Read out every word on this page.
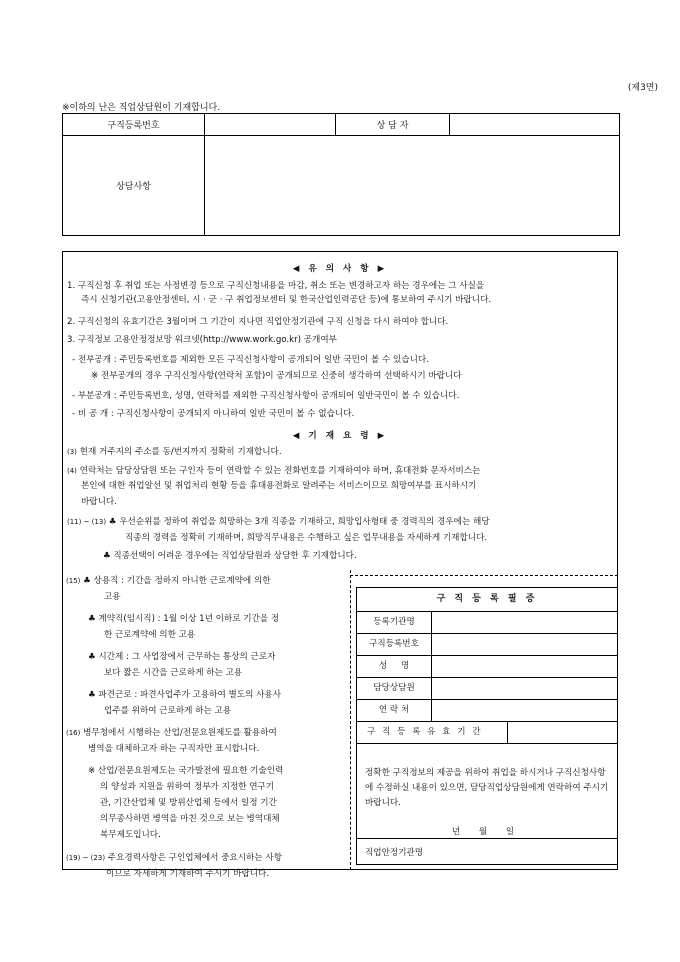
(제3면)
※이하의 난은 직업상담원이 기재합니다.
구직등록번호		상 담 자	
상담사항			
◀ 유 의 사 항 ▶
1. 구직신청 후 취업 또는 사정변경 등으로 구직신청내용을 마감, 취소 또는 변경하고자 하는 경우에는 그 사실을
즉시 신청기관(고용안정센터, 시 · 군 · 구 취업정보센터 및 한국산업인력공단 등)에 통보하여 주시기 바랍니다.
2. 구직신청의 유효기간은 3월이며 그 기간이 지나면 직업안정기관에 구직 신청을 다시 하여야 합니다.
3. 구직정보 고용안정정보망 워크넷(http://www.work.go.kr) 공개여부
- 전부공개 : 주민등록번호를 제외한 모든 구직신청사항이 공개되어 일반 국민이 볼 수 있습니다.
※ 전부공개의 경우 구직신청사항(연락처 포함)이 공개되므로 신중히 생각하여 선택하시기 바랍니다
- 부분공개 : 주민등록번호, 성명, 연락처를 제외한 구직신청사항이 공개되어 일반국민이 볼 수 있습니다.
- 비 공 개 : 구직신청사항이 공개되지 아니하여 일반 국민이 볼 수 없습니다.
◀ 기 재 요 령 ▶
(3) 현재 거주지의 주소를 동/번지까지 정확히 기재합니다.
(4) 연락처는 담당상담원 또는 구인자 등이 연락할 수 있는 전화번호를 기재하여야 하며, 휴대전화 문자서비스는
본인에 대한 취업알선 및 취업처리 현황 등을 휴대용전화로 알려주는 서비스이므로 희망여부를 표시하시기
바랍니다.
(11) ~ (13) ♣ 우선순위를 정하여 취업을 희망하는 3개 직종을 기재하고, 희망입사형태 중 경력직의 경우에는 해당
직종의 경력을 정확히 기재하며, 희망직무내용은 수행하고 싶은 업무내용을 자세하게 기재합니다.
♣ 직종선택이 어려운 경우에는 직업상담원과 상담한 후 기재합니다.
(15) ♣ 상용직 : 기간을 정하지 아니한 근로계약에 의한
고용
♣ 계약직(임시직) : 1월 이상 1년 이하로 기간을 정
한 근로계약에 의한 고용
♣ 시간제 : 그 사업장에서 근무하는 통상의 근로자
보다 짧은 시간을 근로하게 하는 고용
♣ 파견근로 : 파견사업주가 고용하여 별도의 사용사
업주를 위하여 근로하게 하는 고용
(16) 병무청에서 시행하는 산업/전문요원제도를 활용하여
병역을 대체하고자 하는 구직자만 표시합니다.
※ 산업/전문요원제도는 국가발전에 필요한 기술인력
의 양성과 지원을 위하여 정부가 지정한 연구기
관, 기간산업체 및 방위산업체 등에서 일정 기간
의무종사하면 병역을 마친 것으로 보는 병역대체
복무제도입니다.
(19) ~ (23) 주요경력사항은 구인업체에서 중요시하는 사항
이므로 자세하게 기재하여 주시기 바랍니다.
구 직 등 록 필 증
등록기관명
구직등록번호
성     명
담당상담원
연 락 처
구 직 등 록 유 효 기 간
정확한 구직정보의 제공을 위하여 취업을 하시거나 구직신청사항에 수정하실 내용이 있으면, 담당직업상담원에게 연락하여 주시기 바랍니다.
년 월 일
직업안정기관명
